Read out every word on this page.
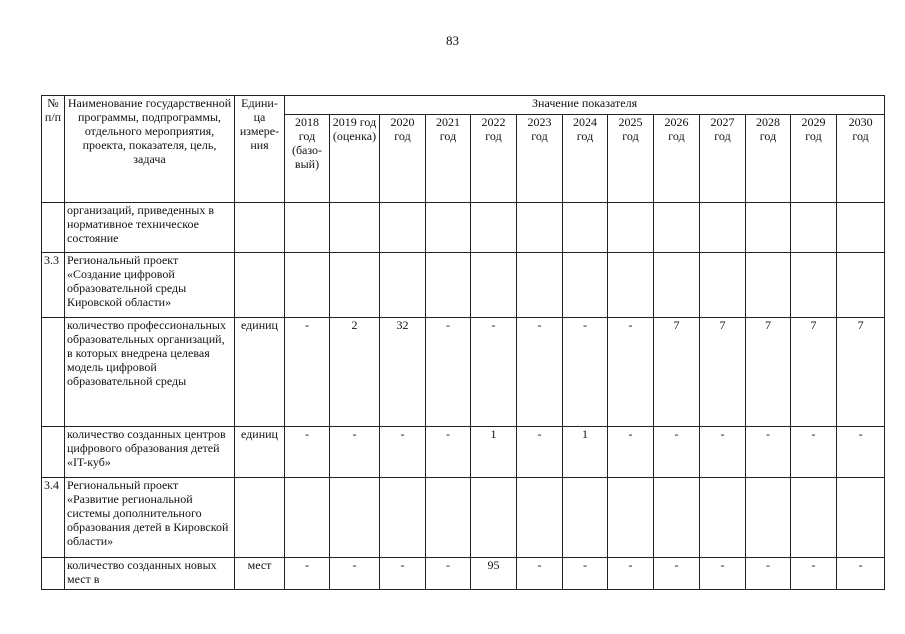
83
№ п/п	Наименование государственной программы, подпрограммы, отдельного мероприятия, проекта, показателя, цель, задача	Едини-ца измере-ния	Значение показателя												
			2018 год (базо-вый)	2019 год (оценка)	2020 год	2021 год	2022 год	2023 год	2024 год	2025 год	2026 год	2027 год	2028 год	2029 год	2030 год
	организаций, приведенных в нормативное техническое состояние														
3.3	Региональный проект «Создание цифровой образовательной среды Кировской области»														
	количество профессиональных образовательных организаций, в которых внедрена целевая модель цифровой образовательной среды	единиц	-	2	32	-	-	-	-	-	7	7	7	7	7
	количество созданных центров цифрового образования детей «IT-куб»	единиц	-	-	-	-	1	-	1	-	-	-	-	-	-
3.4	Региональный проект «Развитие региональной системы дополнительного образования детей в Кировской области»														
	количество созданных новых мест в	мест	-	-	-	-	95	-	-	-	-	-	-	-	-
